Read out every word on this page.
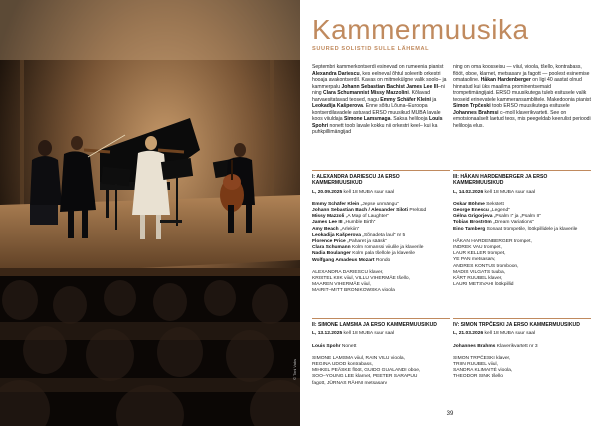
© Toni Vaks
Kammermuusika
SUURED SOLISTID SULLE LÄHEMAL

Septembri kammerkontserdi esinevad on rumeenia pianist Alexandra Dariescu, kes eelneval õhtul soleerib orkestri hooaja avakontserdil. Kavas on mitmekülgne valik soolo– ja kammerpalu Johann Sebastian Bachist James Lee III–ni ning Clara Schumannist Missy Mazzolini. Kõlavad harvaesitatavad teosed, nagu Emmy Schäfer Kleini ja Leokadija Kašperova. Enne sõitu Lõuna–Euroopa kontserdilavadele astuvad ERSO muusikud MUBA lavale koos viiuldaja Simone Lamsmaga. Saksa helilooja Louis Spohri nonett toob lavale kokku nii orkestri keel– kui ka puhkpillimängijad

ning on oma koosseisu — viiul, vioola, tšello, kontrabass, flööt, oboe, klarnet, metsasarv ja fagott — poolest esinemise omataoline. Håkan Hardenberger on ligi 40 aastat olnud hinnatud kui üks maailma prominentsemaid trompetimängijaid. ERSO muusikutega tuleb esitusele valik teoseid erinevatele kammeransamblitele. Makedoonia pianist Simon Trpčeski toob ERSO muusikutega esitusele Johannes Brahmsi c–moll klaverikvarteti. See on emotsionaalselt laetud teos, mis peegeldab keerulist perioodi helilooja elus.

I: ALEXANDRA DARIESCU JA ERSO KAMMERMUUSIKUD
L, 20.09.2025 kell 18 MUBA suur saal
Emmy Schäfer Klein „Jepse unmängu“
Johann Sebastian Bach / Alexander Siloti Prelüüd
Missy Mazzoli „A Map of Laughter“
James Lee III „Humble Birth“
Amy Beach „Arlekiin“
Leokadija Kašperova „Sõnadeta laul“ nr 5
Florence Price „Paharet ja sääsk“
Clara Schumann Kolm romanssi viiulile ja klaverile
Nadia Boulanger Kolm pala tšellole ja klaverile
Wolfgang Amadeus Mozart Rondo
ALEXANDRA DARIESCU klaver,
KRISTEL KIIK viiul, VILLU VIHERMÄE tšello,
MAAREN VIHERMÄE viiul,
MAIRIT–MITT BRONIKOWSKA vioola
II: SIMONE LAMSMA JA ERSO KAMMERMUUSIKUD
L, 13.12.2025 kell 18 MUBA suur saal
Louis Spohr Nonett
SIMONE LAMSMA viiul, RAIN VILU vioola,
REGINA UDOD kontrabass,
MIHKEL PEÄSKE flööt, GUIDO GUALANDI oboe,
SOO–YOUNG LEE klarnet, PEETER SARAPUU
fagott, JÜRNAS RÄHNI metsasarv
III: HÅKAN HARDENBERGER JA ERSO KAMMERMUUSIKUD
L, 14.02.2026 kell 18 MUBA suur saal
Oskar Böhme Sekstett
George Enescu „Legend“
Gėlna Grigorjeva „Psalm I“ ja „Psalm II“
Tobias Broström „Dream Variations“
Eino Tamberg Sonaat trompetile, löökpillidele ja klaverile
HÅKAN HARDENBERGER trompet,
INDREK VAU trompet,
LAUR KELLER trompet,
YE PAN metsasarv,
ANDRES KONTUS tromboon,
MADIS VILGATS tuuba,
KÄRT RUUBEL klaver,
LAURI METSVAHI löökpillid
IV: SIMON TRPČESKI JA ERSO KAMMERMUUSIKUD
L, 21.03.2026 kell 18 MUBA suur saal
Johannes Brahms Klaverikvartett nr 3
SIMON TRPČESKI klaver,
TRIIN RUUBEL viiul,
SANDRA KLIMAITĖ vioola,
THEODOR SINK tšello
39
